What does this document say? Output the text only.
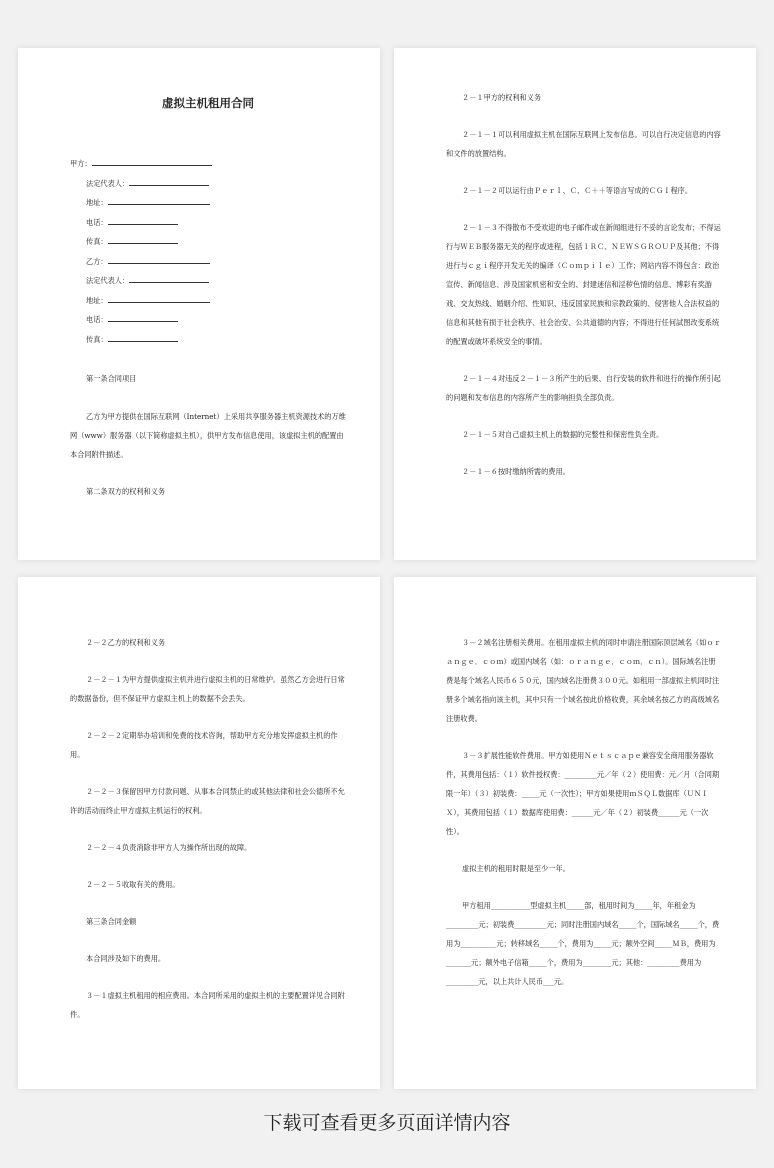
虚拟主机租用合同
甲方：
法定代表人：
地址：
电话：
传真：
乙方：
法定代表人：
地址：
电话：
传真：
第一条合同项目

乙方为甲方提供在国际互联网（Internet）上采用共享服务器主机资源技术的万维网（www）服务器（以下简称虚拟主机），供甲方发布信息使用，该虚拟主机的配置由本合同附件描述。

第二条双方的权利和义务

２－１甲方的权利和义务

２－１－１可以利用虚拟主机在国际互联网上发布信息。可以自行决定信息的内容和文件的放置结构。

２－１－２可以运行由Ｐｅｒｌ、Ｃ、Ｃ＋＋等语言写成的ＣＧＩ程序。

２－１－３不得散布不受欢迎的电子邮件或在新闻组进行不妥的言论发布；不得运行与ＷＥＢ服务器无关的程序或进程，包括ＩＲＣ、ＮＥＷＳＧＲＯＵＰ及其他；不得进行与ｃｇｉ程序开发无关的编译（Ｃｏｍｐｉｌｅ）工作；网站内容不得包含：政治宣传、新闻信息、涉及国家机密和安全的、封建迷信和淫秽色情的信息、博彩有奖游戏、交友热线、婚姻介绍、性知识、违反国家民族和宗教政策的、侵害他人合法权益的信息和其他有损于社会秩序、社会治安、公共道德的内容；不得进行任何試图改变系统的配置或破坏系统安全的事情。

２－１－４对违反２－１－３所产生的后果、自行安装的软件和进行的操作所引起的问题和发布信息的内容所产生的影响担负全部负责。

２－１－５对自己虚拟主机上的数据的完整性和保密性负全责。

２－１－６按时缴纳所需的费用。

２－２乙方的权利和义务

２－２－１为甲方提供虚拟主机并进行虚拟主机的日常维护。虽然乙方会进行日常的数据备份，但不保证甲方虚拟主机上的数据不会丢失。

２－２－２定期举办培训和免费的技术咨询，帮助甲方充分地发挥虚拟主机的作用。

２－２－３保留因甲方付款问题、从事本合同禁止的或其他法律和社会公德所不允许的活动而终止甲方虚拟主机运行的权利。

２－２－４负责消除非甲方人为操作所出现的故障。

２－２－５收取有关的费用。

第三条合同金额

本合同涉及如下的费用。

３－１虚拟主机租用的相应费用。本合同所采用的虚拟主机的主要配置详见合同附件。

３－２域名注册相关费用。在租用虚拟主机的同时申请注册国际顶层域名（如ｏｒａｎｇｅ．ｃｏｍ）或国内域名（如：ｏｒａｎｇｅ．ｃｏｍ．ｃｎ）。国际域名注册费是每个域名人民币６５０元，国内域名注册费３００元。如租用一部虚拟主机同时注册多个域名指向该主机，其中只有一个域名按此价格收费，其余域名按乙方的高级域名注册收费。

３－３扩展性能软件费用。甲方如使用Ｎｅｔｓｃａｐｅ兼容安全商用服务器软件，其费用包括：（１）软件授权费：_________元／年（２）使用费：元／月（合同期限一年）（３）初装费：_____元（一次性）；甲方如果使用ｍＳＱＬ数据库（ＵＮＩＸ），其费用包括（１）数据库使用费：______元／年（２）初装费______元（一次性）。

虚拟主机的租用时限是至少一年。

甲方租用___________型虚拟主机_____部，租用时间为_____年，年租金为_________元；初装费_________元；同时注册国内域名_____个，国际域名_____个，费用为__________元；转移域名_____个，费用为_____元；额外空间_____ＭＢ，费用为_______元；额外电子信箱_____个，费用为________元；其他：_________费用为_________元，以上共计人民币___元。

下载可查看更多页面详情内容
